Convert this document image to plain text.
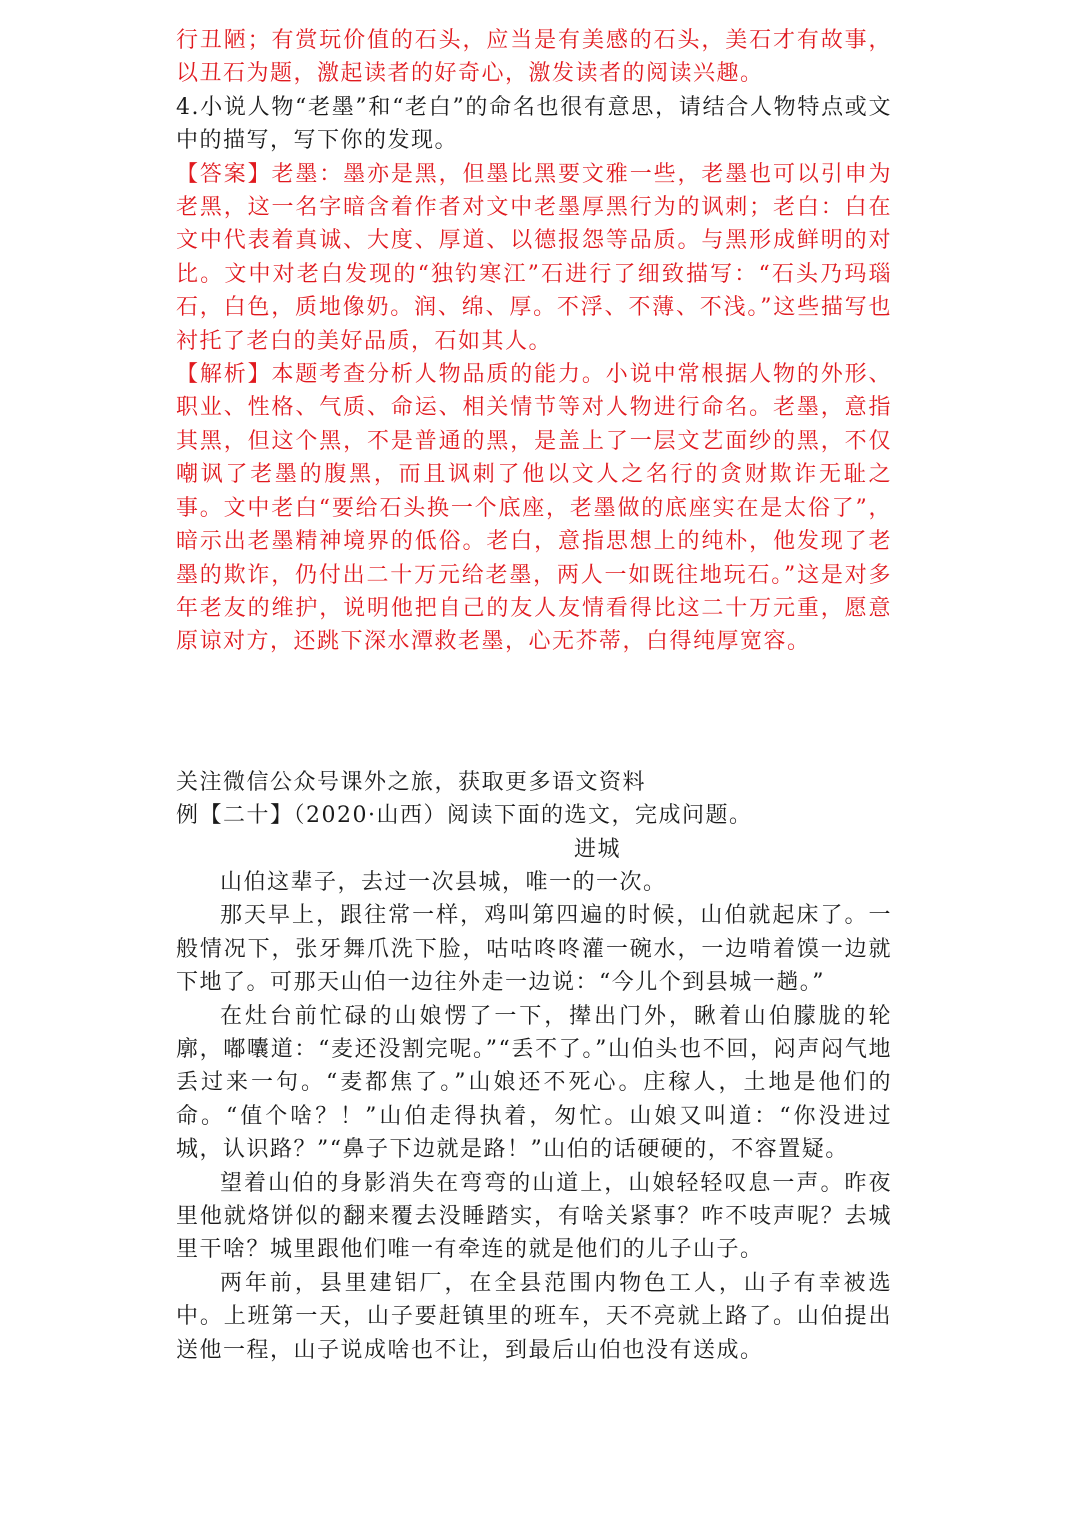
行丑陋；有赏玩价值的石头，应当是有美感的石头，美石才有故事，以丑石为题，激起读者的好奇心，激发读者的阅读兴趣。

4.小说人物“老墨”和“老白”的命名也很有意思，请结合人物特点或文中的描写，写下你的发现。

【答案】老墨：墨亦是黑，但墨比黑要文雅一些，老墨也可以引申为老黑，这一名字暗含着作者对文中老墨厚黑行为的讽刺；老白：白在文中代表着真诚、大度、厚道、以德报怨等品质。与黑形成鲜明的对比。文中对老白发现的“独钓寒江”石进行了细致描写：“石头乃玛瑙石，白色，质地像奶。润、绵、厚。不浮、不薄、不浅。”这些描写也衬托了老白的美好品质，石如其人。

【解析】本题考查分析人物品质的能力。小说中常根据人物的外形、职业、性格、气质、命运、相关情节等对人物进行命名。老墨，意指其黑，但这个黑，不是普通的黑，是盖上了一层文艺面纱的黑，不仅嘲讽了老墨的腹黑，而且讽刺了他以文人之名行的贪财欺诈无耻之事。文中老白“要给石头换一个底座，老墨做的底座实在是太俗了”，暗示出老墨精神境界的低俗。老白，意指思想上的纯朴，他发现了老墨的欺诈，仍付出二十万元给老墨，两人一如既往地玩石。”这是对多年老友的维护，说明他把自己的友人友情看得比这二十万元重，愿意原谅对方，还跳下深水潭救老墨，心无芥蒂，白得纯厚宽容。

关注微信公众号课外之旅，获取更多语文资料

例【二十】（2020·山西）阅读下面的选文，完成问题。

进城

山伯这辈子，去过一次县城，唯一的一次。

那天早上，跟往常一样，鸡叫第四遍的时候，山伯就起床了。一般情况下，张牙舞爪洗下脸，咕咕咚咚灌一碗水，一边啃着馍一边就下地了。可那天山伯一边往外走一边说：“今儿个到县城一趟。”

在灶台前忙碌的山娘愣了一下，撵出门外，瞅着山伯朦胧的轮廓，嘟囔道：“麦还没割完呢。”“丢不了。”山伯头也不回，闷声闷气地丢过来一句。“麦都焦了。”山娘还不死心。庄稼人，土地是他们的命。“值个啥？！”山伯走得执着，匆忙。山娘又叫道：“你没进过城，认识路？”“鼻子下边就是路！”山伯的话硬硬的，不容置疑。

望着山伯的身影消失在弯弯的山道上，山娘轻轻叹息一声。昨夜里他就烙饼似的翻来覆去没睡踏实，有啥关紧事？咋不吱声呢？去城里干啥？城里跟他们唯一有牵连的就是他们的儿子山子。

两年前，县里建铝厂，在全县范围内物色工人，山子有幸被选中。上班第一天，山子要赶镇里的班车，天不亮就上路了。山伯提出送他一程，山子说成啥也不让，到最后山伯也没有送成。
